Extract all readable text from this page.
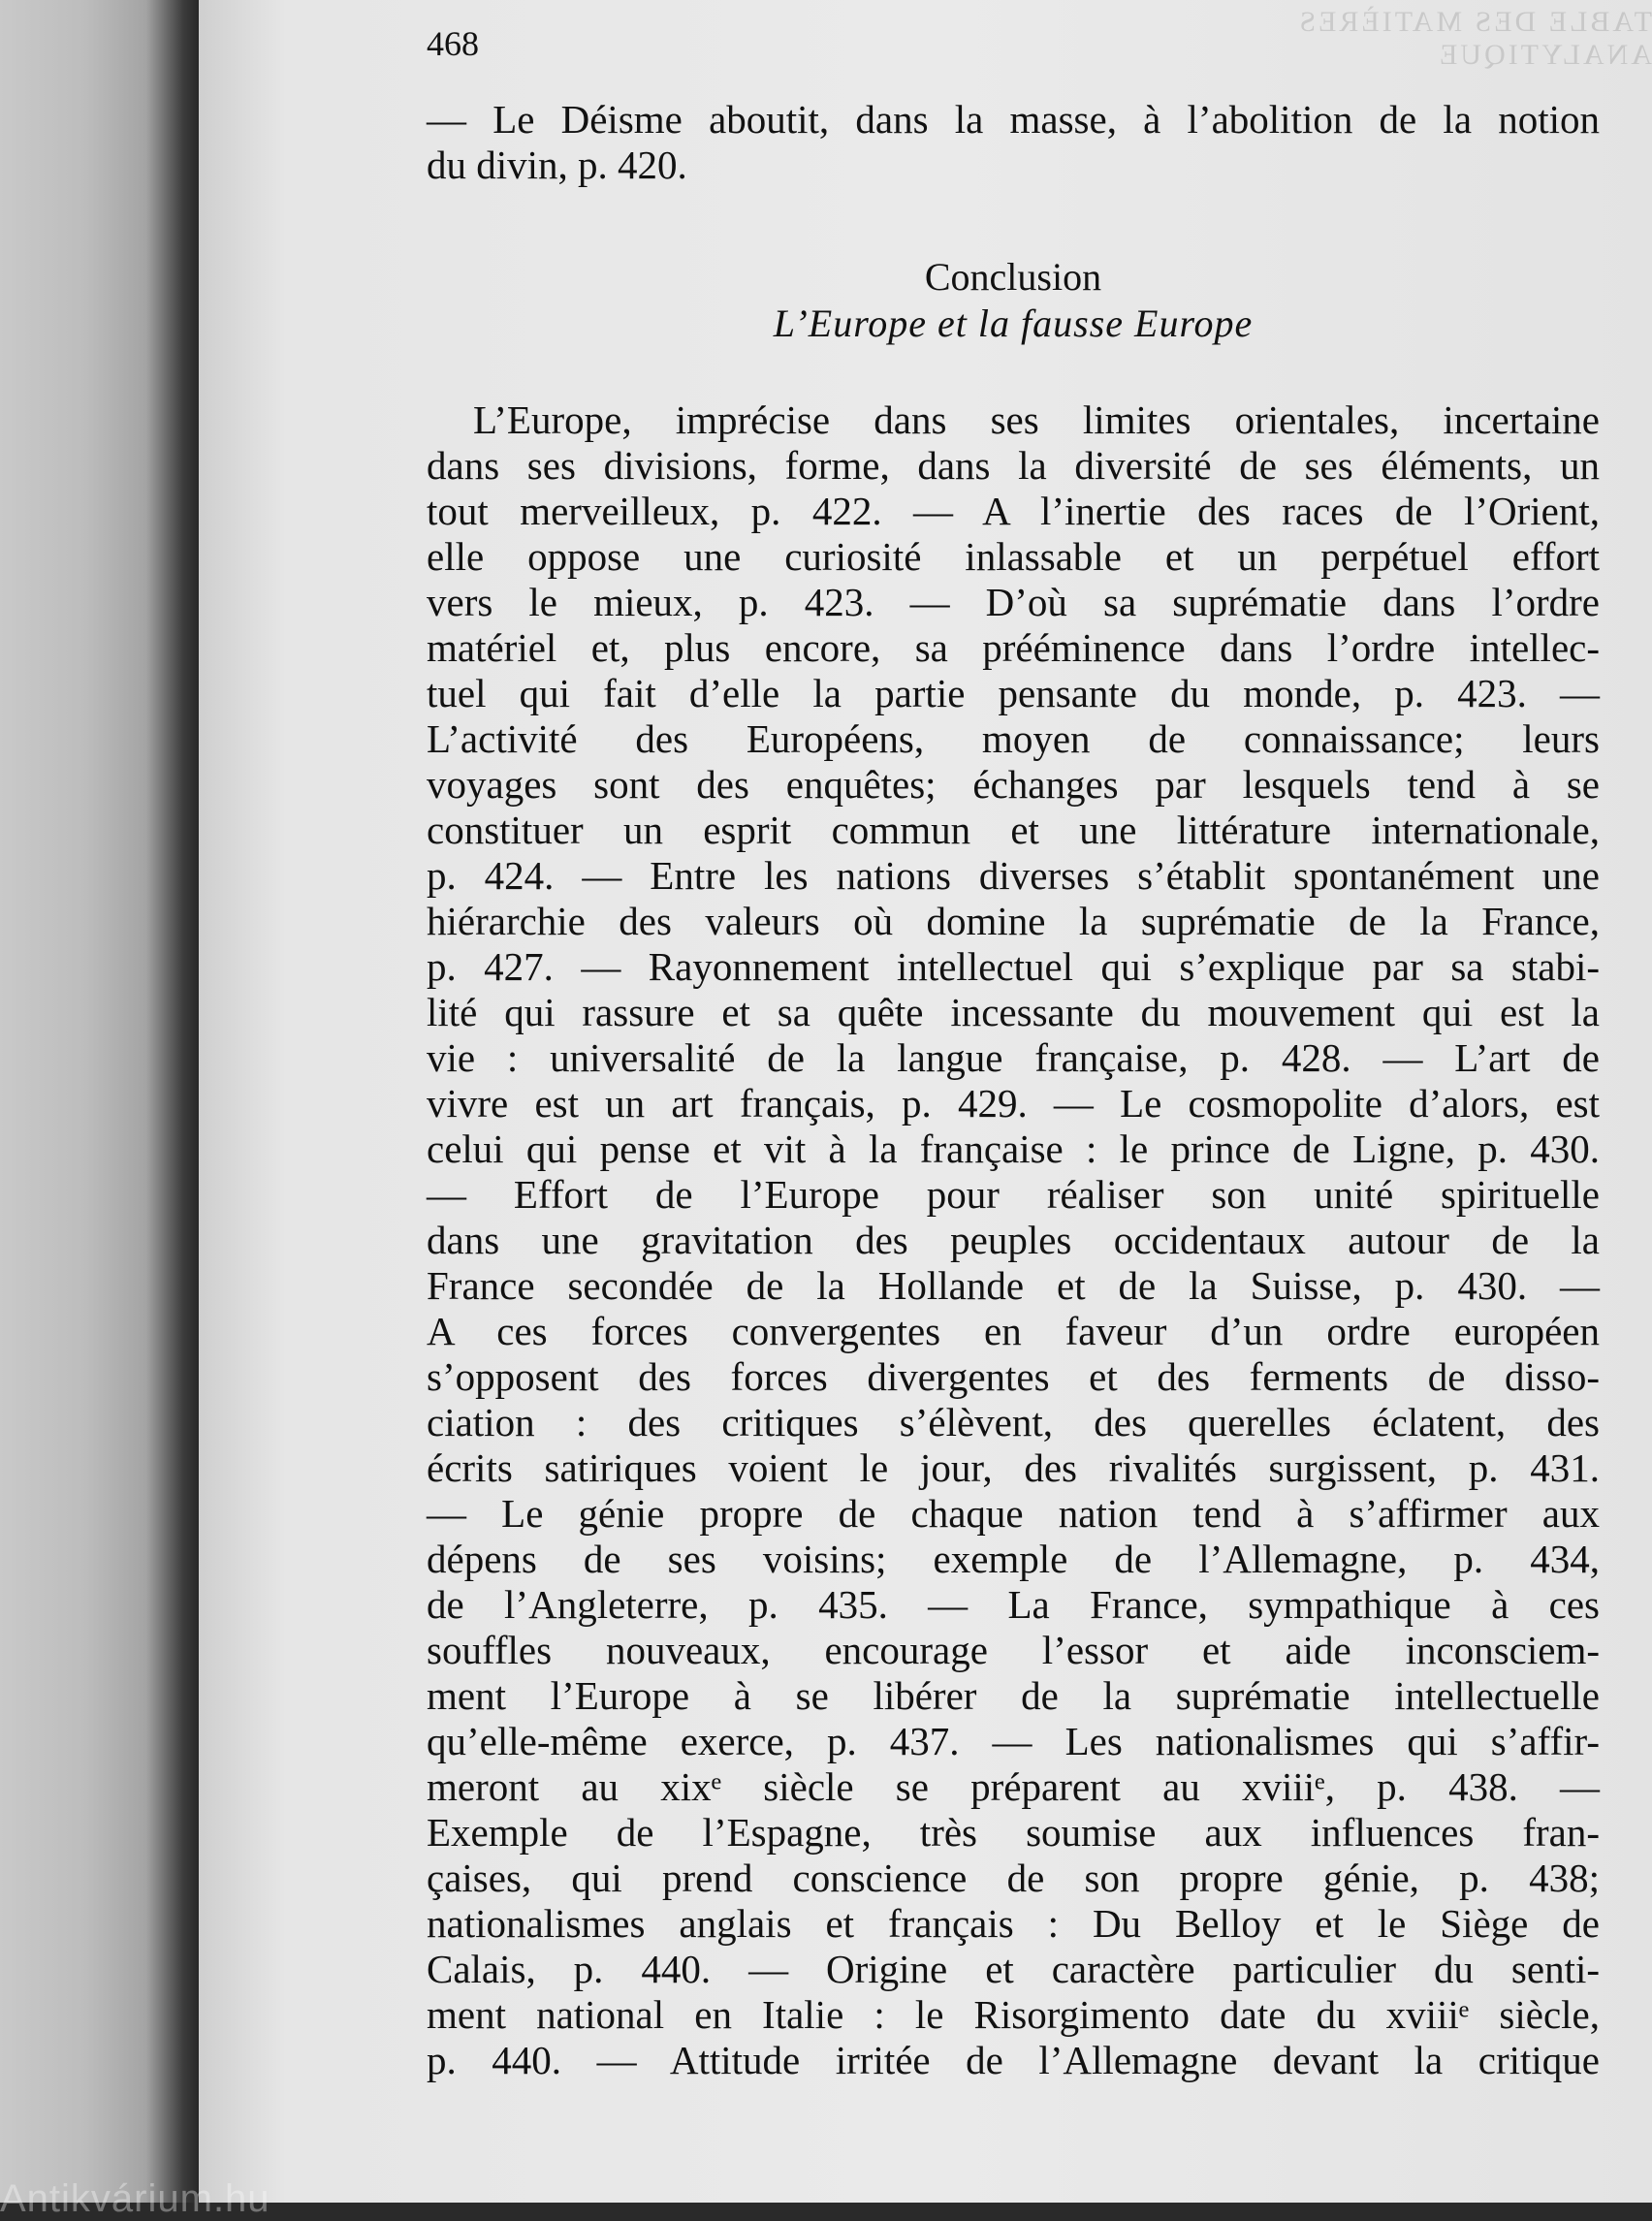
TABLE DES MATIÈRES ANALYTIQUE
468
— Le Déisme aboutit, dans la masse, à l’abolition de la notion
du divin, p. 420.
Conclusion
L’Europe et la fausse Europe
L’Europe, imprécise dans ses limites orientales, incertaine
dans ses divisions, forme, dans la diversité de ses éléments, un
tout merveilleux, p. 422. — A l’inertie des races de l’Orient,
elle oppose une curiosité inlassable et un perpétuel effort
vers le mieux, p. 423. — D’où sa suprématie dans l’ordre
matériel et, plus encore, sa prééminence dans l’ordre intellec-
tuel qui fait d’elle la partie pensante du monde, p. 423. —
L’activité des Européens, moyen de connaissance; leurs
voyages sont des enquêtes; échanges par lesquels tend à se
constituer un esprit commun et une littérature internationale,
p. 424. — Entre les nations diverses s’établit spontanément une
hiérarchie des valeurs où domine la suprématie de la France,
p. 427. — Rayonnement intellectuel qui s’explique par sa stabi-
lité qui rassure et sa quête incessante du mouvement qui est la
vie : universalité de la langue française, p. 428. — L’art de
vivre est un art français, p. 429. — Le cosmopolite d’alors, est
celui qui pense et vit à la française : le prince de Ligne, p. 430.
— Effort de l’Europe pour réaliser son unité spirituelle
dans une gravitation des peuples occidentaux autour de la
France secondée de la Hollande et de la Suisse, p. 430. —
A ces forces convergentes en faveur d’un ordre européen
s’opposent des forces divergentes et des ferments de disso-
ciation : des critiques s’élèvent, des querelles éclatent, des
écrits satiriques voient le jour, des rivalités surgissent, p. 431.
— Le génie propre de chaque nation tend à s’affirmer aux
dépens de ses voisins; exemple de l’Allemagne, p. 434,
de l’Angleterre, p. 435. — La France, sympathique à ces
souffles nouveaux, encourage l’essor et aide inconsciem-
ment l’Europe à se libérer de la suprématie intellectuelle
qu’elle-même exerce, p. 437. — Les nationalismes qui s’affir-
meront au xixᵉ siècle se préparent au xviiiᵉ, p. 438. —
Exemple de l’Espagne, très soumise aux influences fran-
çaises, qui prend conscience de son propre génie, p. 438;
nationalismes anglais et français : Du Belloy et le Siège de
Calais, p. 440. — Origine et caractère particulier du senti-
ment national en Italie : le Risorgimento date du xviiiᵉ siècle,
p. 440. — Attitude irritée de l’Allemagne devant la critique
Antikvárium.hu
